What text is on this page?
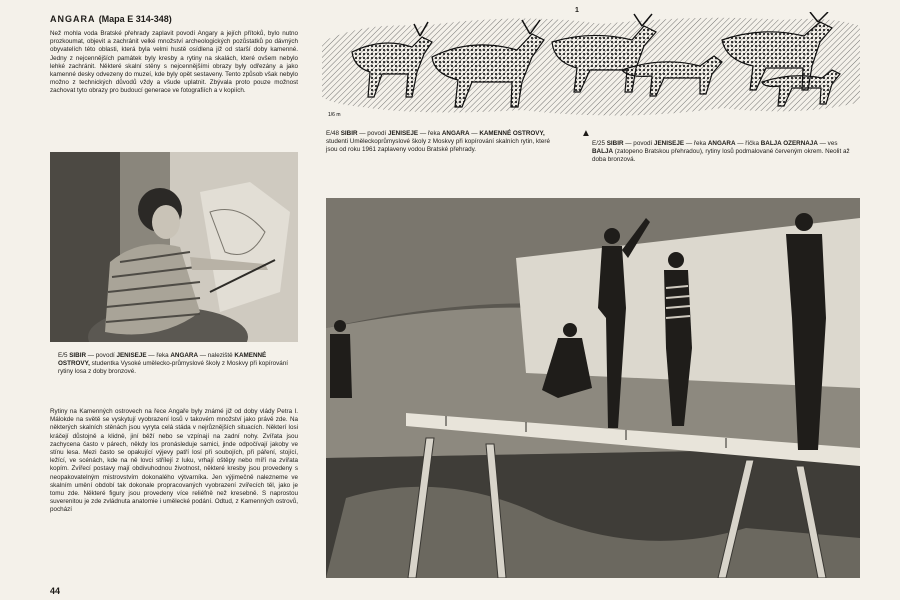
ANGARA (Mapa E 314-348)
Než mohla voda Bratské přehrady zaplavit povodí Angary a jejích přítoků, bylo nutno prozkoumat, objevit a zachránit velké množství archeologických pozůstatků po dávných obyvatelích této oblasti, která byla velmi hustě osídlena již od starší doby kamenné. Jedny z nejcennějších památek byly kresby a rytiny na skalách, které ovšem nebylo lehké zachránit. Některé skalní stěny s nejcennějšími obrazy byly odřezány a jako kamenné desky odvezeny do muzeí, kde byly opět sestaveny. Tento způsob však nebylo možno z technických důvodů vždy a všude uplatnit. Zbývala proto pouze možnost zachovat tyto obrazy pro budoucí generace ve fotografiích a v kopiích.
E/5 SIBIR — povodí JENISEJE — řeka ANGARA — naleziště KAMENNÉ OSTROVY, studentka Vysoké umělecko-průmyslové školy z Moskvy při kopírování rytiny losa z doby bronzové.
Rytiny na Kamenných ostrovech na řece Angaře byly známé již od doby vlády Petra I. Málokde na světě se vyskytují vyobrazení losů v takovém množství jako právě zde. Na některých skalních stěnách jsou vyryta celá stáda v nejrůznějších situacích. Některí losi kráčejí důstojně a klidně, jiní běží nebo se vzpínají na zadní nohy. Zvířata jsou zachycena často v párech, někdy los pronásleduje samici, jinde odpočívají jakoby ve stínu lesa. Mezi často se opakující výjevy patří losí při soubojích, při páření, stojící, ležící, ve scénách, kde na ně lovci střílejí z luku, vrhají oštěpy nebo míří na zvířata kopím. Zvířecí postavy mají obdivuhodnou životnost, některé kresby jsou provedeny s neopakovatelným mistrovstvím dokonalého výtvarníka. Jen výjimečně nalezneme ve skalním umění období tak dokonale propracovaných vyobrazení zvířecích těl, jako je tomu zde. Některé figury jsou provedeny více reliéfně než kresebně. S naprostou suverenitou je zde zvládnuta anatomie i umělecké podání. Odtud, z Kamenných ostrovů, pochází
44
1
1/6 m
E/48 SIBIR — povodí JENISEJE — řeka ANGARA — KAMENNÉ OSTROVY, studenti Uměleckoprůmyslové školy z Moskvy při kopírování skalních rytin, které jsou od roku 1961 zaplaveny vodou Bratské přehrady.
▲
E/25 SIBIR — povodí JENISEJE — řeka ANGARA — říčka BALJA OZERNAJA — ves BALJA (zatopeno Bratskou přehradou), rytiny losů podmalované červeným okrem. Neolit až doba bronzová.
